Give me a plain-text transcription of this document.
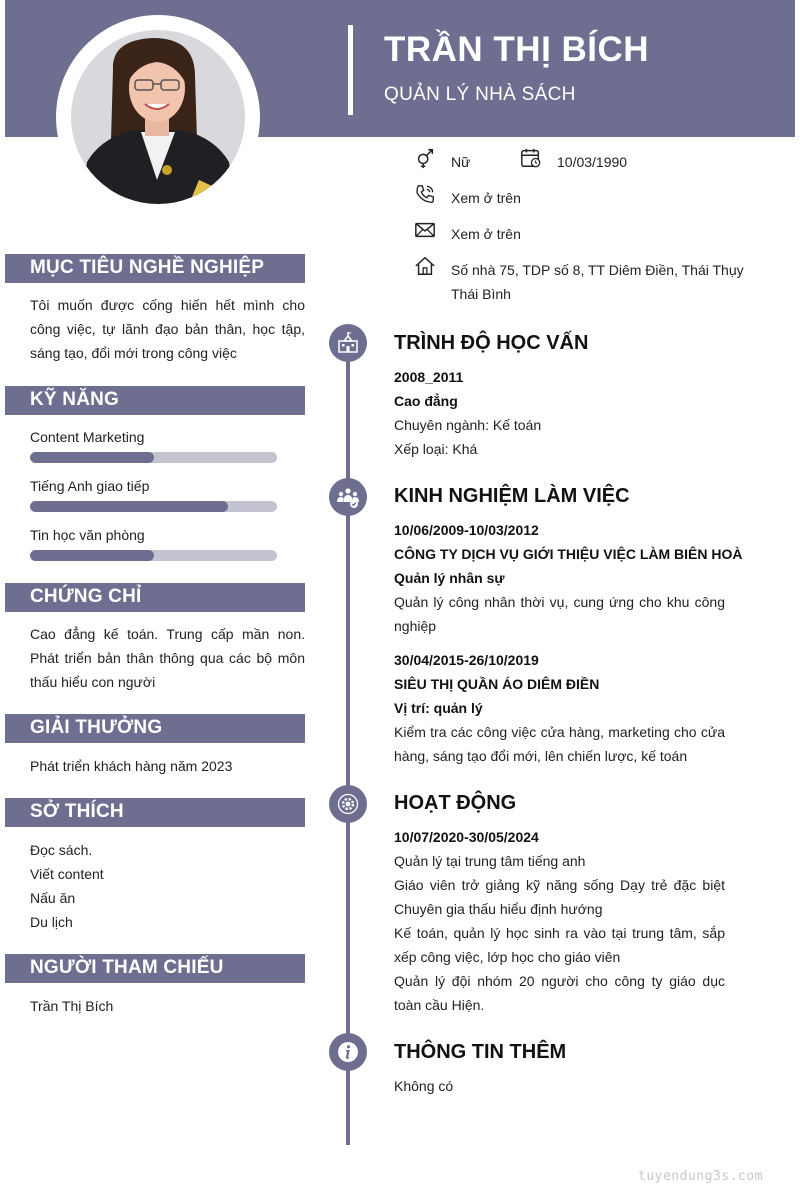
TRẦN THỊ BÍCH
QUẢN LÝ NHÀ SÁCH
Nữ	10/03/1990
Xem ở trên
Xem ở trên
Số nhà 75, TDP số 8, TT Diêm Điền, Thái Thụy Thái Bình
MỤC TIÊU NGHỀ NGHIỆP
Tôi muốn được cống hiến hết mình cho công việc, tự lãnh đạo bản thân, học tập, sáng tạo, đổi mới trong công việc
KỸ NĂNG
Content Marketing
Tiếng Anh giao tiếp
Tin học văn phòng
CHỨNG CHỈ
Cao đẳng kế toán. Trung cấp mần non. Phát triển bản thân thông qua các bộ môn thấu hiểu con người
GIẢI THƯỞNG
Phát triển khách hàng năm 2023
SỞ THÍCH
Đọc sách.
Viết content
Nấu ăn
Du lịch
NGƯỜI THAM CHIẾU
Trần Thị Bích
TRÌNH ĐỘ HỌC VẤN
2008_2011
Cao đẳng
Chuyên ngành: Kế toán
Xếp loại: Khá
KINH NGHIỆM LÀM VIỆC
10/06/2009-10/03/2012
CÔNG TY DỊCH VỤ GIỚI THIỆU VIỆC LÀM BIÊN HOÀ
Quản lý nhân sự
Quản lý công nhân thời vụ, cung ứng cho khu công nghiệp
30/04/2015-26/10/2019
SIÊU THỊ QUẦN ÁO DIÊM ĐIỀN
Vị trí: quản lý
Kiểm tra các công việc cửa hàng, marketing cho cửa hàng, sáng tạo đổi mới, lên chiến lược, kế toán
HOẠT ĐỘNG
10/07/2020-30/05/2024
Quản lý tại trung tâm tiếng anh
Giáo viên trở giảng kỹ năng sống Dạy trẻ đặc biệt Chuyên gia thấu hiểu định hướng
Kế toán, quản lý học sinh ra vào tại trung tâm, sắp xếp công việc, lớp học cho giáo viên
Quản lý đội nhóm 20 người cho công ty giáo dục toàn cầu Hiện.
THÔNG TIN THÊM
Không có
tuyendung3s.com
